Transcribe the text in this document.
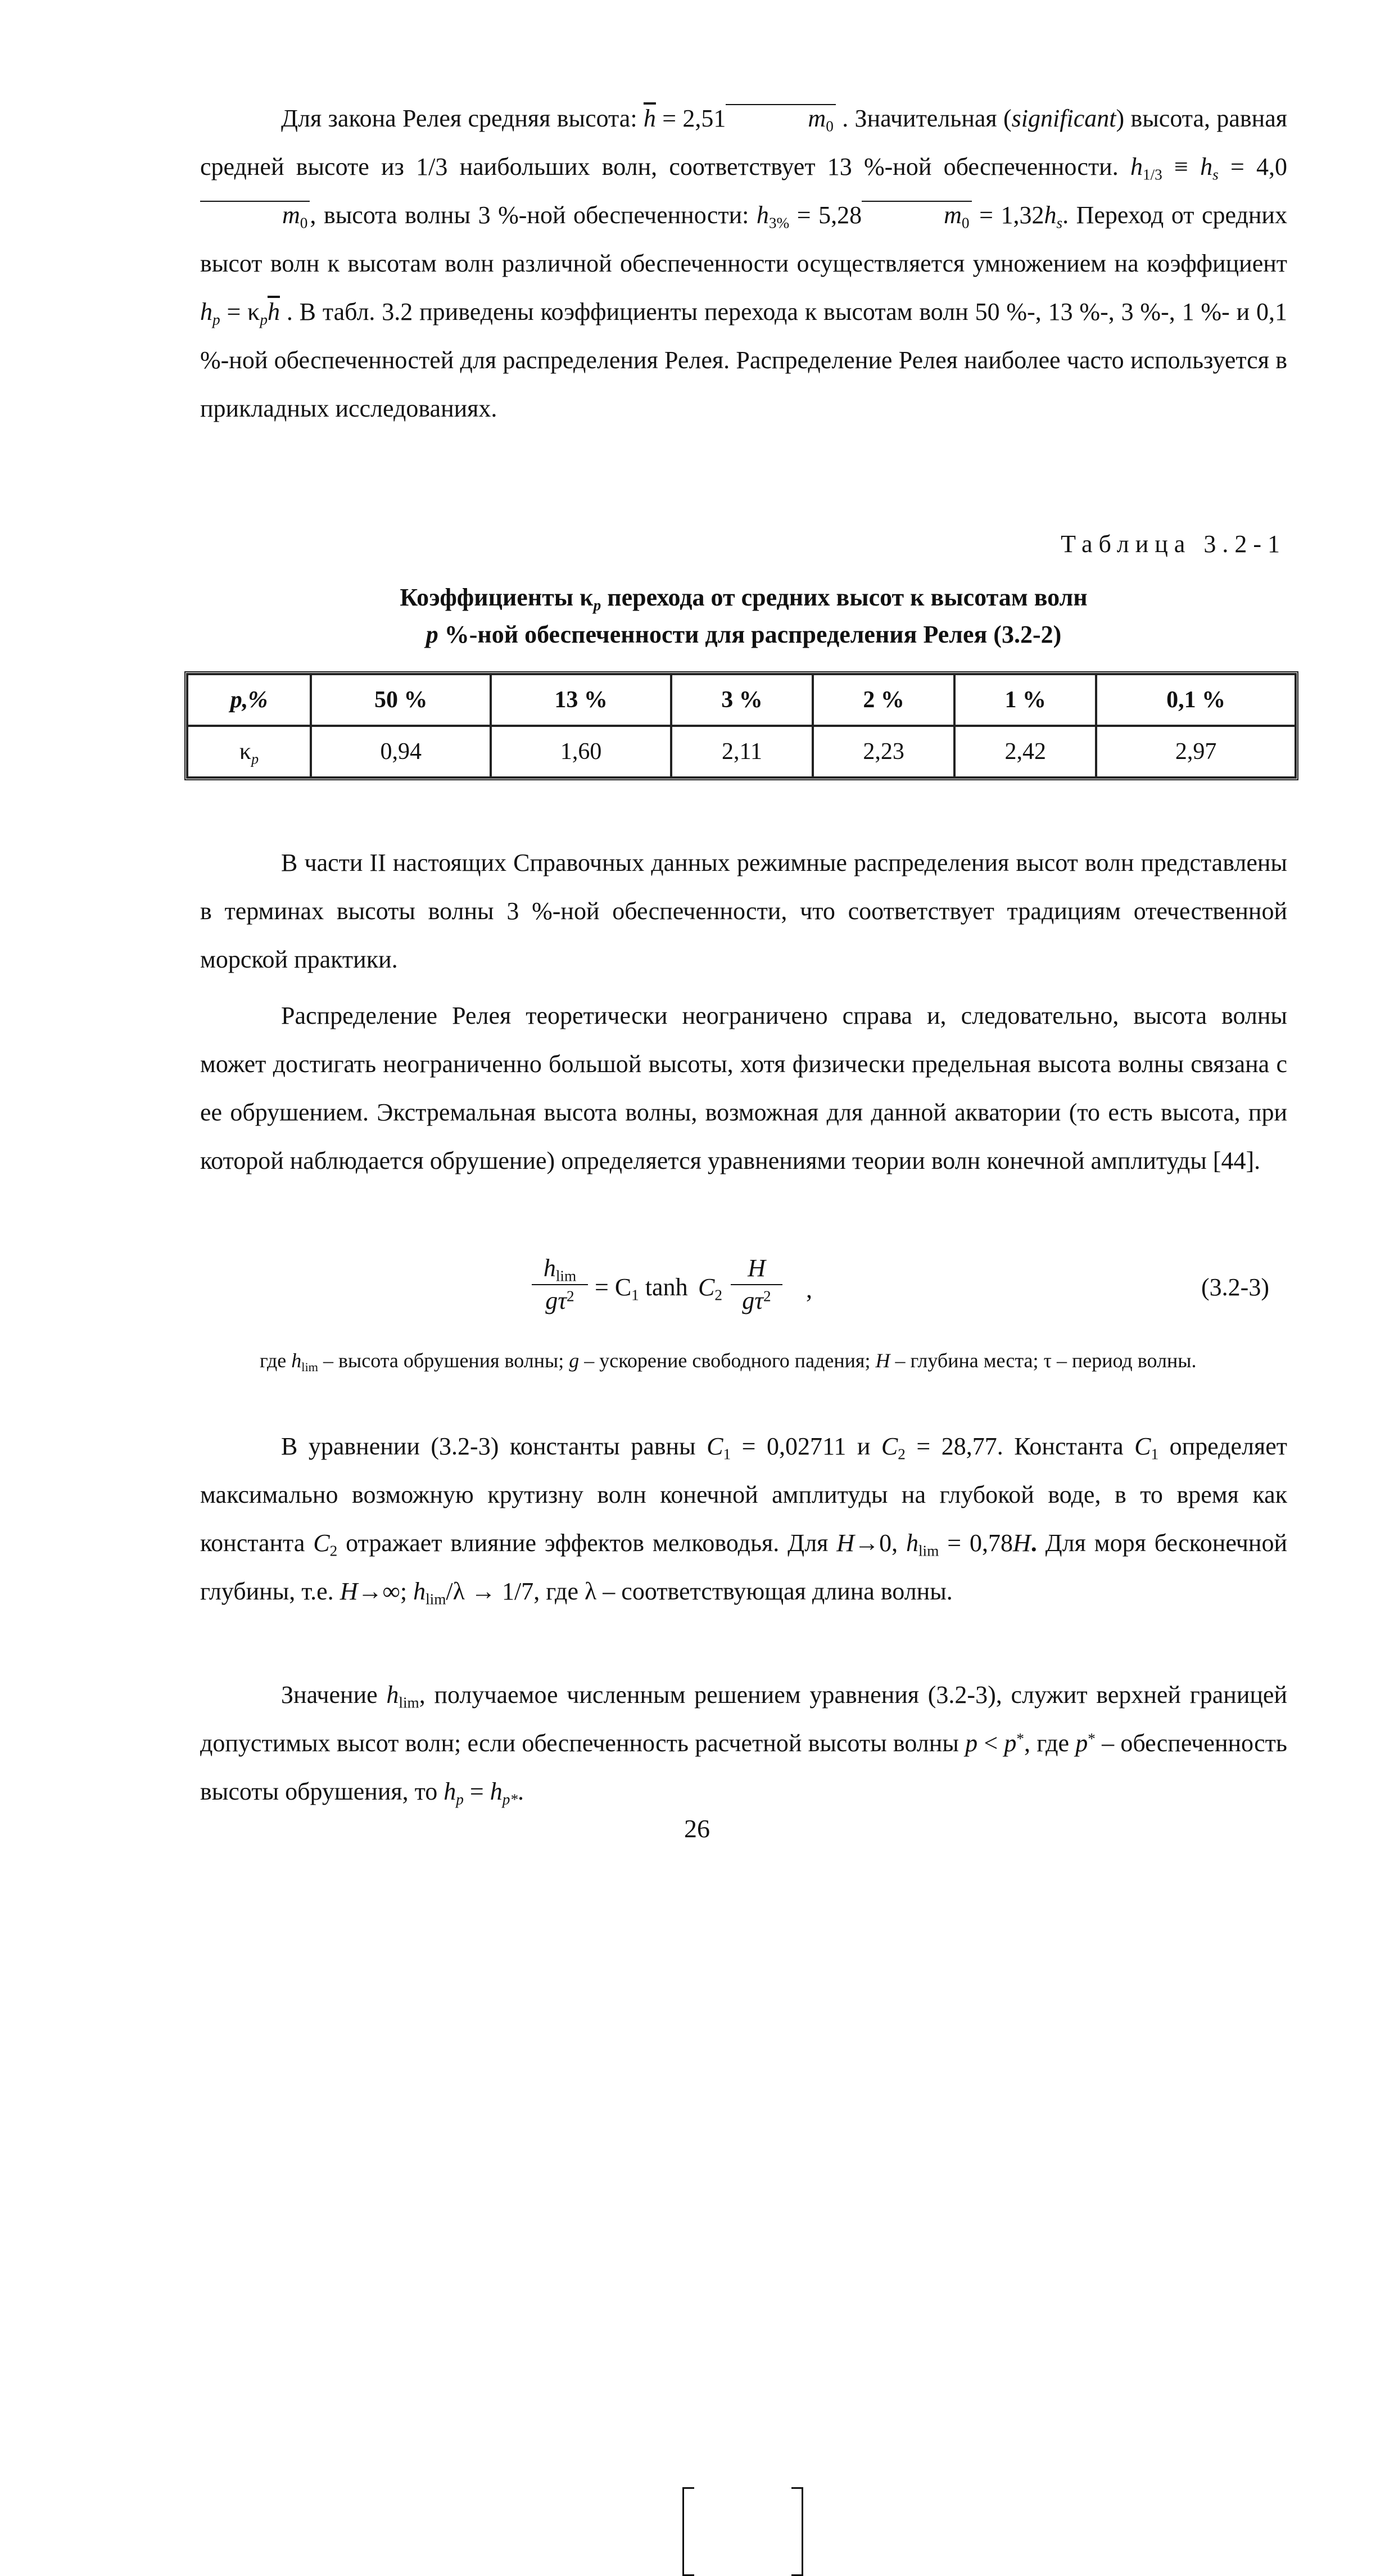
Для закона Релея средняя высота: $\overline{h} = 2,51$	$m_0$ . Значительная (significant) высота, равная средней высоте из 1/3 наибольших волн, соответствует 13 %-ной обеспеченности. $h_{1/3} \equiv h_s = 4,0m_0$, высота волны 3 %-ной обеспеченности: $h_{3\%} = 5,28$	$m_0 = 1,32h_s$. Переход от средних высот волн к высотам волн различной обеспеченности осуществляется умножением на коэффициент $h_p = \kappa_p\overline{h}$ . В табл. 3.2 приведены коэффициенты перехода к высотам волн 50 %-, 13 %-, 3 %-, 1 %- и 0,1 %-ной обеспеченностей для распределения Релея. Распределение Релея наиболее часто используется в прикладных исследованиях.

Таблица 3.2-1

Коэффициенты $\kappa_p$ перехода от средних высот к высотам волн
p %-ной обеспеченности для распределения Релея (3.2-2)

p,%	50 %	13 %	3 %	2 %	1 %	0,1 %
$\kappa_p$	0,94	1,60	2,11	2,23	2,42	2,97

В части II настоящих Справочных данных режимные распределения высот волн представлены в терминах высоты волны 3 %-ной обеспеченности, что соответствует традициям отечественной морской практики.

Распределение Релея теоретически неограничено справа и, следовательно, высота волны может достигать неограниченно большой высоты, хотя физически предельная высота волны связана с ее обрушением. Экстремальная высота волны, возможная для данной акватории (то есть высота, при которой наблюдается обрушение) определяется уравнениями теории волн конечной амплитуды [44].

$\frac{h_{lim}}{g\tau^2} = C_1$ $\tanh C_2 \frac{H}{g\tau^2}$ ,	(3.2-3)

где $h_{lim}$ – высота обрушения волны; g – ускорение свободного падения; H – глубина места; τ – период волны.

В уравнении (3.2-3) константы равны $C_1 = 0,02711$ и $C_2 = 28,77$. Константа $C_1$ определяет максимально возможную крутизну волн конечной амплитуды на глубокой воде, в то время как константа $C_2$ отражает влияние эффектов мелководья. Для H→0, $h_{lim} = 0,78H$. Для моря бесконечной глубины, т.е. H→∞; $h_{lim}/\lambda \to 1/7$, где λ – соответствующая длина волны.

Значение $h_{lim}$, получаемое численным решением уравнения (3.2-3), служит верхней границей допустимых высот волн; если обеспеченность расчетной высоты волны p < p*, где p* – обеспеченность высоты обрушения, то $h_p = h_{p*}$.

26
